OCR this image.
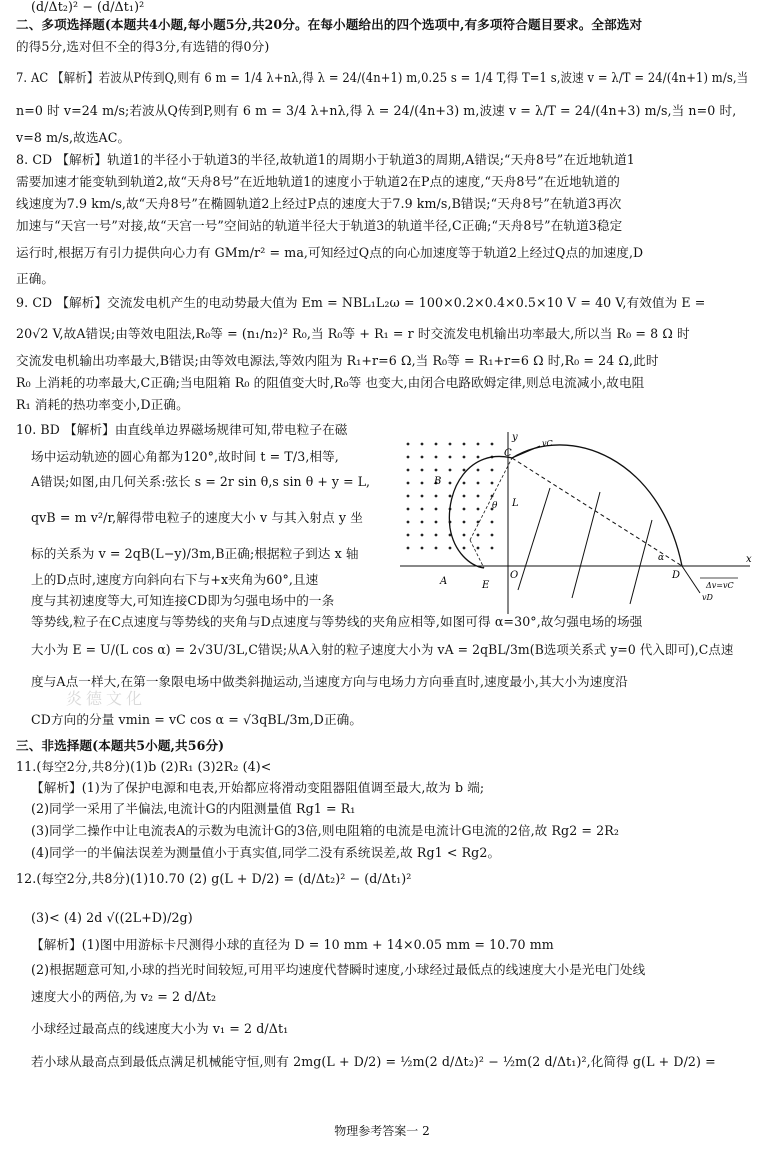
二、多项选择题(本题共4小题,每小题5分,共20分。在每小题给出的四个选项中,有多项符合题目要求。全部选对
的得5分,选对但不全的得3分,有选错的得0分)
7. AC 【解析】若波从P传到Q,则有 6 m = 1/4 λ+nλ,得 λ = 24/(4n+1) m,0.25 s = 1/4 T,得 T=1 s,波速 v = λ/T = 24/(4n+1) m/s,当
n=0 时 v=24 m/s;若波从Q传到P,则有 6 m = 3/4 λ+nλ,得 λ = 24/(4n+3) m,波速 v = λ/T = 24/(4n+3) m/s,当 n=0 时,
v=8 m/s,故选AC。
8. CD 【解析】轨道1的半径小于轨道3的半径,故轨道1的周期小于轨道3的周期,A错误;“天舟8号”在近地轨道1
需要加速才能变轨到轨道2,故“天舟8号”在近地轨道1的速度小于轨道2在P点的速度,“天舟8号”在近地轨道的
线速度为7.9 km/s,故“天舟8号”在椭圆轨道2上经过P点的速度大于7.9 km/s,B错误;“天舟8号”在轨道3再次
加速与“天宫一号”对接,故“天宫一号”空间站的轨道半径大于轨道3的轨道半径,C正确;“天舟8号”在轨道3稳定
运行时,根据万有引力提供向心力有 GMm/r² = ma,可知经过Q点的向心加速度等于轨道2上经过Q点的加速度,D
正确。
9. CD 【解析】交流发电机产生的电动势最大值为 Em = NBL₁L₂ω = 100×0.2×0.4×0.5×10 V = 40 V,有效值为 E =
20√2 V,故A错误;由等效电阻法,R₀等 = (n₁/n₂)² R₀,当 R₀等 + R₁ = r 时交流发电机输出功率最大,所以当 R₀ = 8 Ω 时
交流发电机输出功率最大,B错误;由等效电源法,等效内阻为 R₁+r=6 Ω,当 R₀等 = R₁+r=6 Ω 时,R₀ = 24 Ω,此时
R₀ 上消耗的功率最大,C正确;当电阻箱 R₀ 的阻值变大时,R₀等 也变大,由闭合电路欧姆定律,则总电流减小,故电阻
R₁ 消耗的热功率变小,D正确。
10. BD 【解析】由直线单边界磁场规律可知,带电粒子在磁
场中运动轨迹的圆心角都为120°,故时间 t = T/3,相等,
A错误;如图,由几何关系:弦长 s = 2r sin θ,s sin θ + y = L,
qvB = m v²/r,解得带电粒子的速度大小 v 与其入射点 y 坐
标的关系为 v = 2qB(L−y)/3m,B正确;根据粒子到达 x 轴
上的D点时,速度方向斜向右下与+x夹角为60°,且速
度与其初速度等大,可知连接CD即为匀强电场中的一条
等势线,粒子在C点速度与等势线的夹角与D点速度与等势线的夹角应相等,如图可得 α=30°,故匀强电场的场强
大小为 E = U/(L cos α) = 2√3U/3L,C错误;从A入射的粒子速度大小为 vA = 2qBL/3m(B选项关系式 y=0 代入即可),C点速
度与A点一样大,在第一象限电场中做类斜抛运动,当速度方向与电场力方向垂直时,速度最小,其大小为速度沿
CD方向的分量 vmin = vC cos α = √3qBL/3m,D正确。
三、非选择题(本题共5小题,共56分)
11.(每空2分,共8分)(1)b (2)R₁ (3)2R₂ (4)<
【解析】(1)为了保护电源和电表,开始都应将滑动变阻器阻值调至最大,故为 b 端;
(2)同学一采用了半偏法,电流计G的内阻测量值 Rg1 = R₁
(3)同学二操作中让电流表A的示数为电流计G的3倍,则电阻箱的电流是电流计G电流的2倍,故 Rg2 = 2R₂
(4)同学一的半偏法误差为测量值小于真实值,同学二没有系统误差,故 Rg1 < Rg2。
12.(每空2分,共8分)(1)10.70 (2) g(L + D/2) = (d/Δt₂)² − (d/Δt₁)²
(3)< (4) 2d √((2L+D)/2g)
【解析】(1)图中用游标卡尺测得小球的直径为 D = 10 mm + 14×0.05 mm = 10.70 mm
(2)根据题意可知,小球的挡光时间较短,可用平均速度代替瞬时速度,小球经过最低点的线速度大小是光电门处线
速度大小的两倍,为 v₂ = 2 d/Δt₂
小球经过最高点的线速度大小为 v₁ = 2 d/Δt₁
若小球从最高点到最低点满足机械能守恒,则有 2mg(L + D/2) = ½m(2 d/Δt₂)² − ½m(2 d/Δt₁)²,化简得 g(L + D/2) =
(d/Δt₂)² − (d/Δt₁)²
炎德文化
y
x
O
C
D
A
B
E
L
θ
α
vC
vD
Δv=vC
物理参考答案一 2
